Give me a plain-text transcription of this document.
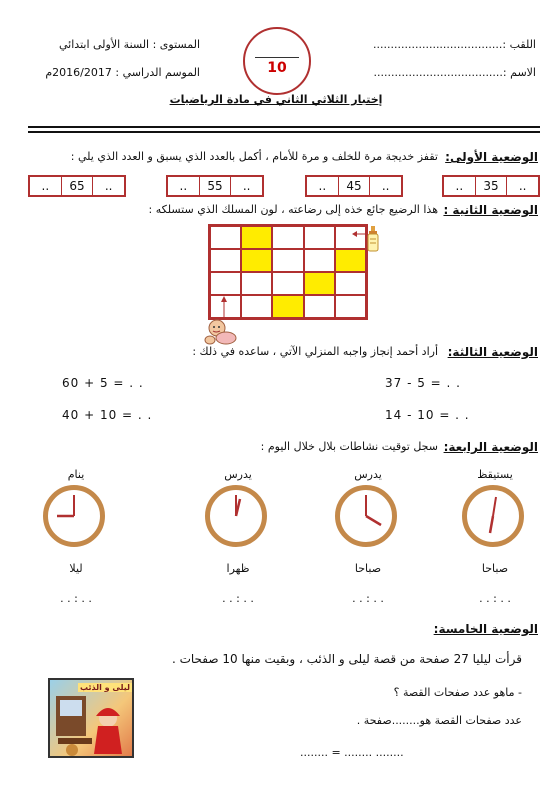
المستوى : السنة الأولى ابتدائي
الموسم الدراسي : 2016/2017م
اللقب :.....................................
الاسم :.....................................
10
إختبار الثلاثي الثاني في مادة الرياضيات
الوضعية الأولى:
تقفز خديجة مرة للخلف و مرة للأمام ، أكمل بالعدد الذي يسبق و العدد الذي يلي :
..	35	..
..	45	..
..	55	..
..	65	..
الوضعية الثانية :
هذا الرضيع جائع خذه إلى رضاعته ، لون المسلك الذي ستسلكه :
الوضعية الثالثة:
أراد أحمد إنجاز واجبه المنزلي الآتي ، ساعده في ذلك :
60 + 5 = . .	37 - 5 = . .
40 + 10 = . .	14 - 10 = . .
الوضعية الرابعة:
سجل توقيت نشاطات بلال خلال اليوم :
يستيقظ
صباحا
. . : . .
يدرس
صباحا
. . : . .
يدرس
ظهرا
. . : . .
ينام
ليلا
. . : . .
الوضعية الخامسة:
قرأت ليليا 27 صفحة من قصة ليلى و الذئب ، وبقيت منها 10 صفحات .
- ماهو عدد صفحات القصة ؟
عدد صفحات القصة هو........صفحة .
........ = ........ ........
ليلى و الذئب
